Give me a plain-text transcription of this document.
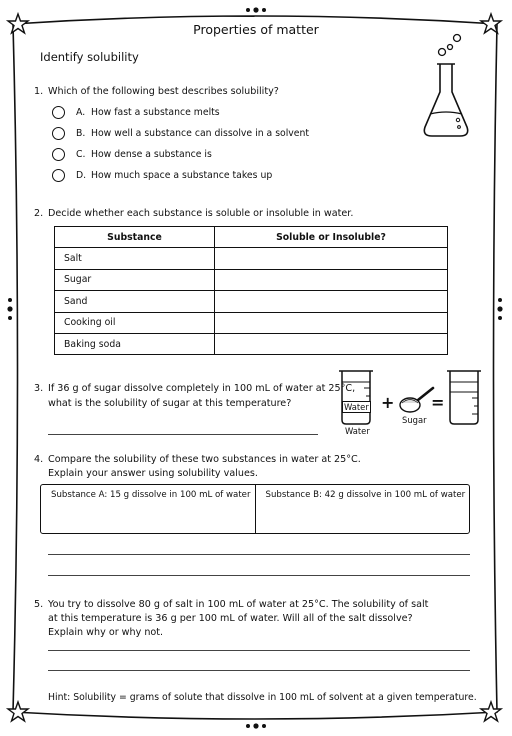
Properties of matter
Identify solubility
1. Which of the following best describes solubility?
A. How fast a substance melts
B. How well a substance can dissolve in a solvent
C. How dense a substance is
D. How much space a substance takes up
2. Decide whether each substance is soluble or insoluble in water.
Substance	Soluble or Insoluble?
Salt	
Sugar	
Sand	
Cooking oil	
Baking soda	
3. If 36 g of sugar dissolve completely in 100 mL of water at 25°C,
what is the solubility of sugar at this temperature?	Water
Water
+
Sugar
=
4. Compare the solubility of these two substances in water at 25°C.
Explain your answer using solubility values.
Substance A: 15 g dissolve in 100 mL of water	Substance B: 42 g dissolve in 100 mL of water
5. You try to dissolve 80 g of salt in 100 mL of water at 25°C. The solubility of salt
at this temperature is 36 g per 100 mL of water. Will all of the salt dissolve?
Explain why or why not.
Hint: Solubility = grams of solute that dissolve in 100 mL of solvent at a given temperature.
